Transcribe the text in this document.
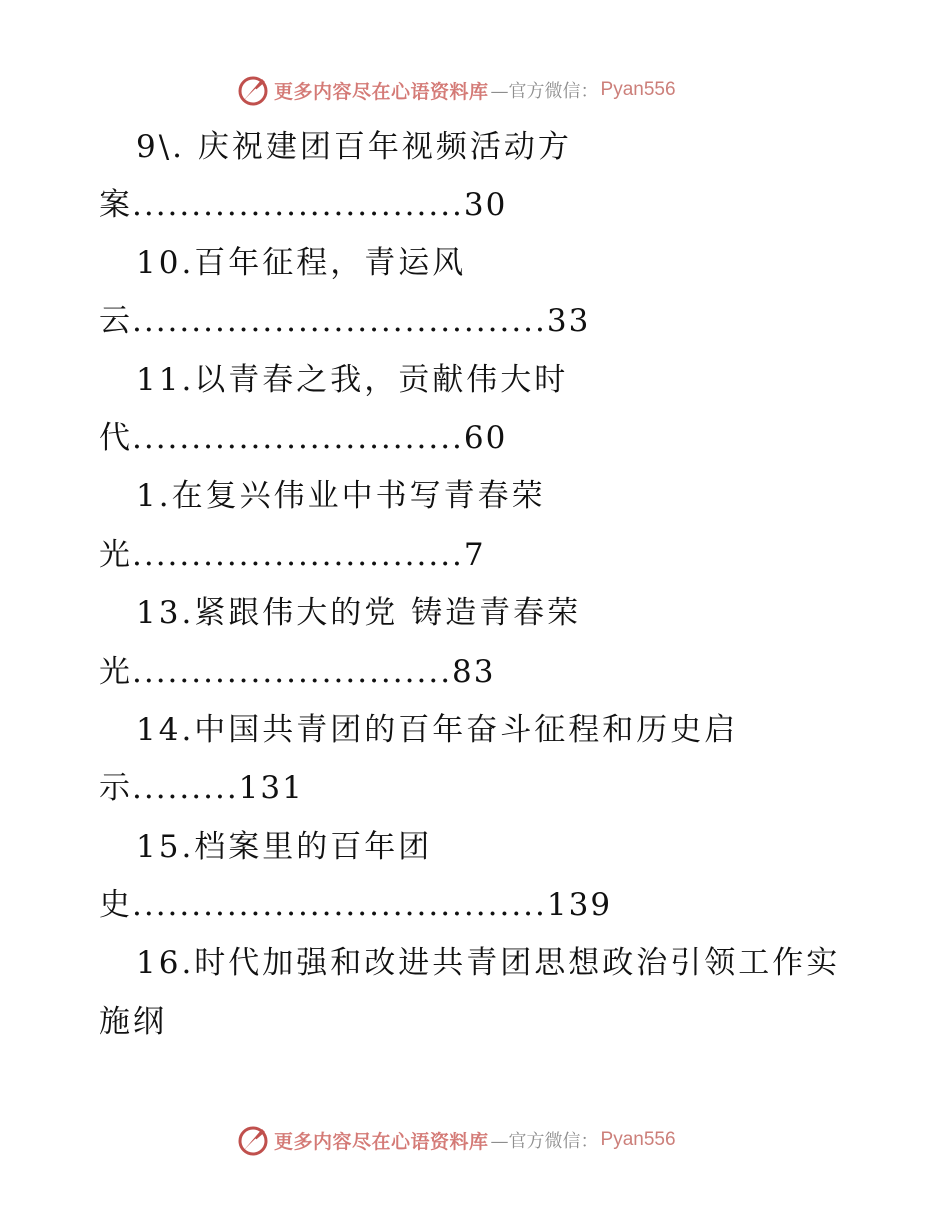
更多内容尽在心语资料库 —官方微信： Pyan556
9\. 庆祝建团百年视频活动方
案............................30
10.百年征程，青运风
云...................................33
11.以青春之我，贡献伟大时
代............................60
1.在复兴伟业中书写青春荣
光............................7
13.紧跟伟大的党 铸造青春荣
光...........................83
14.中国共青团的百年奋斗征程和历史启
示.........131
15.档案里的百年团
史...................................139
16.时代加强和改进共青团思想政治引领工作实
施纲
更多内容尽在心语资料库 —官方微信： Pyan556
